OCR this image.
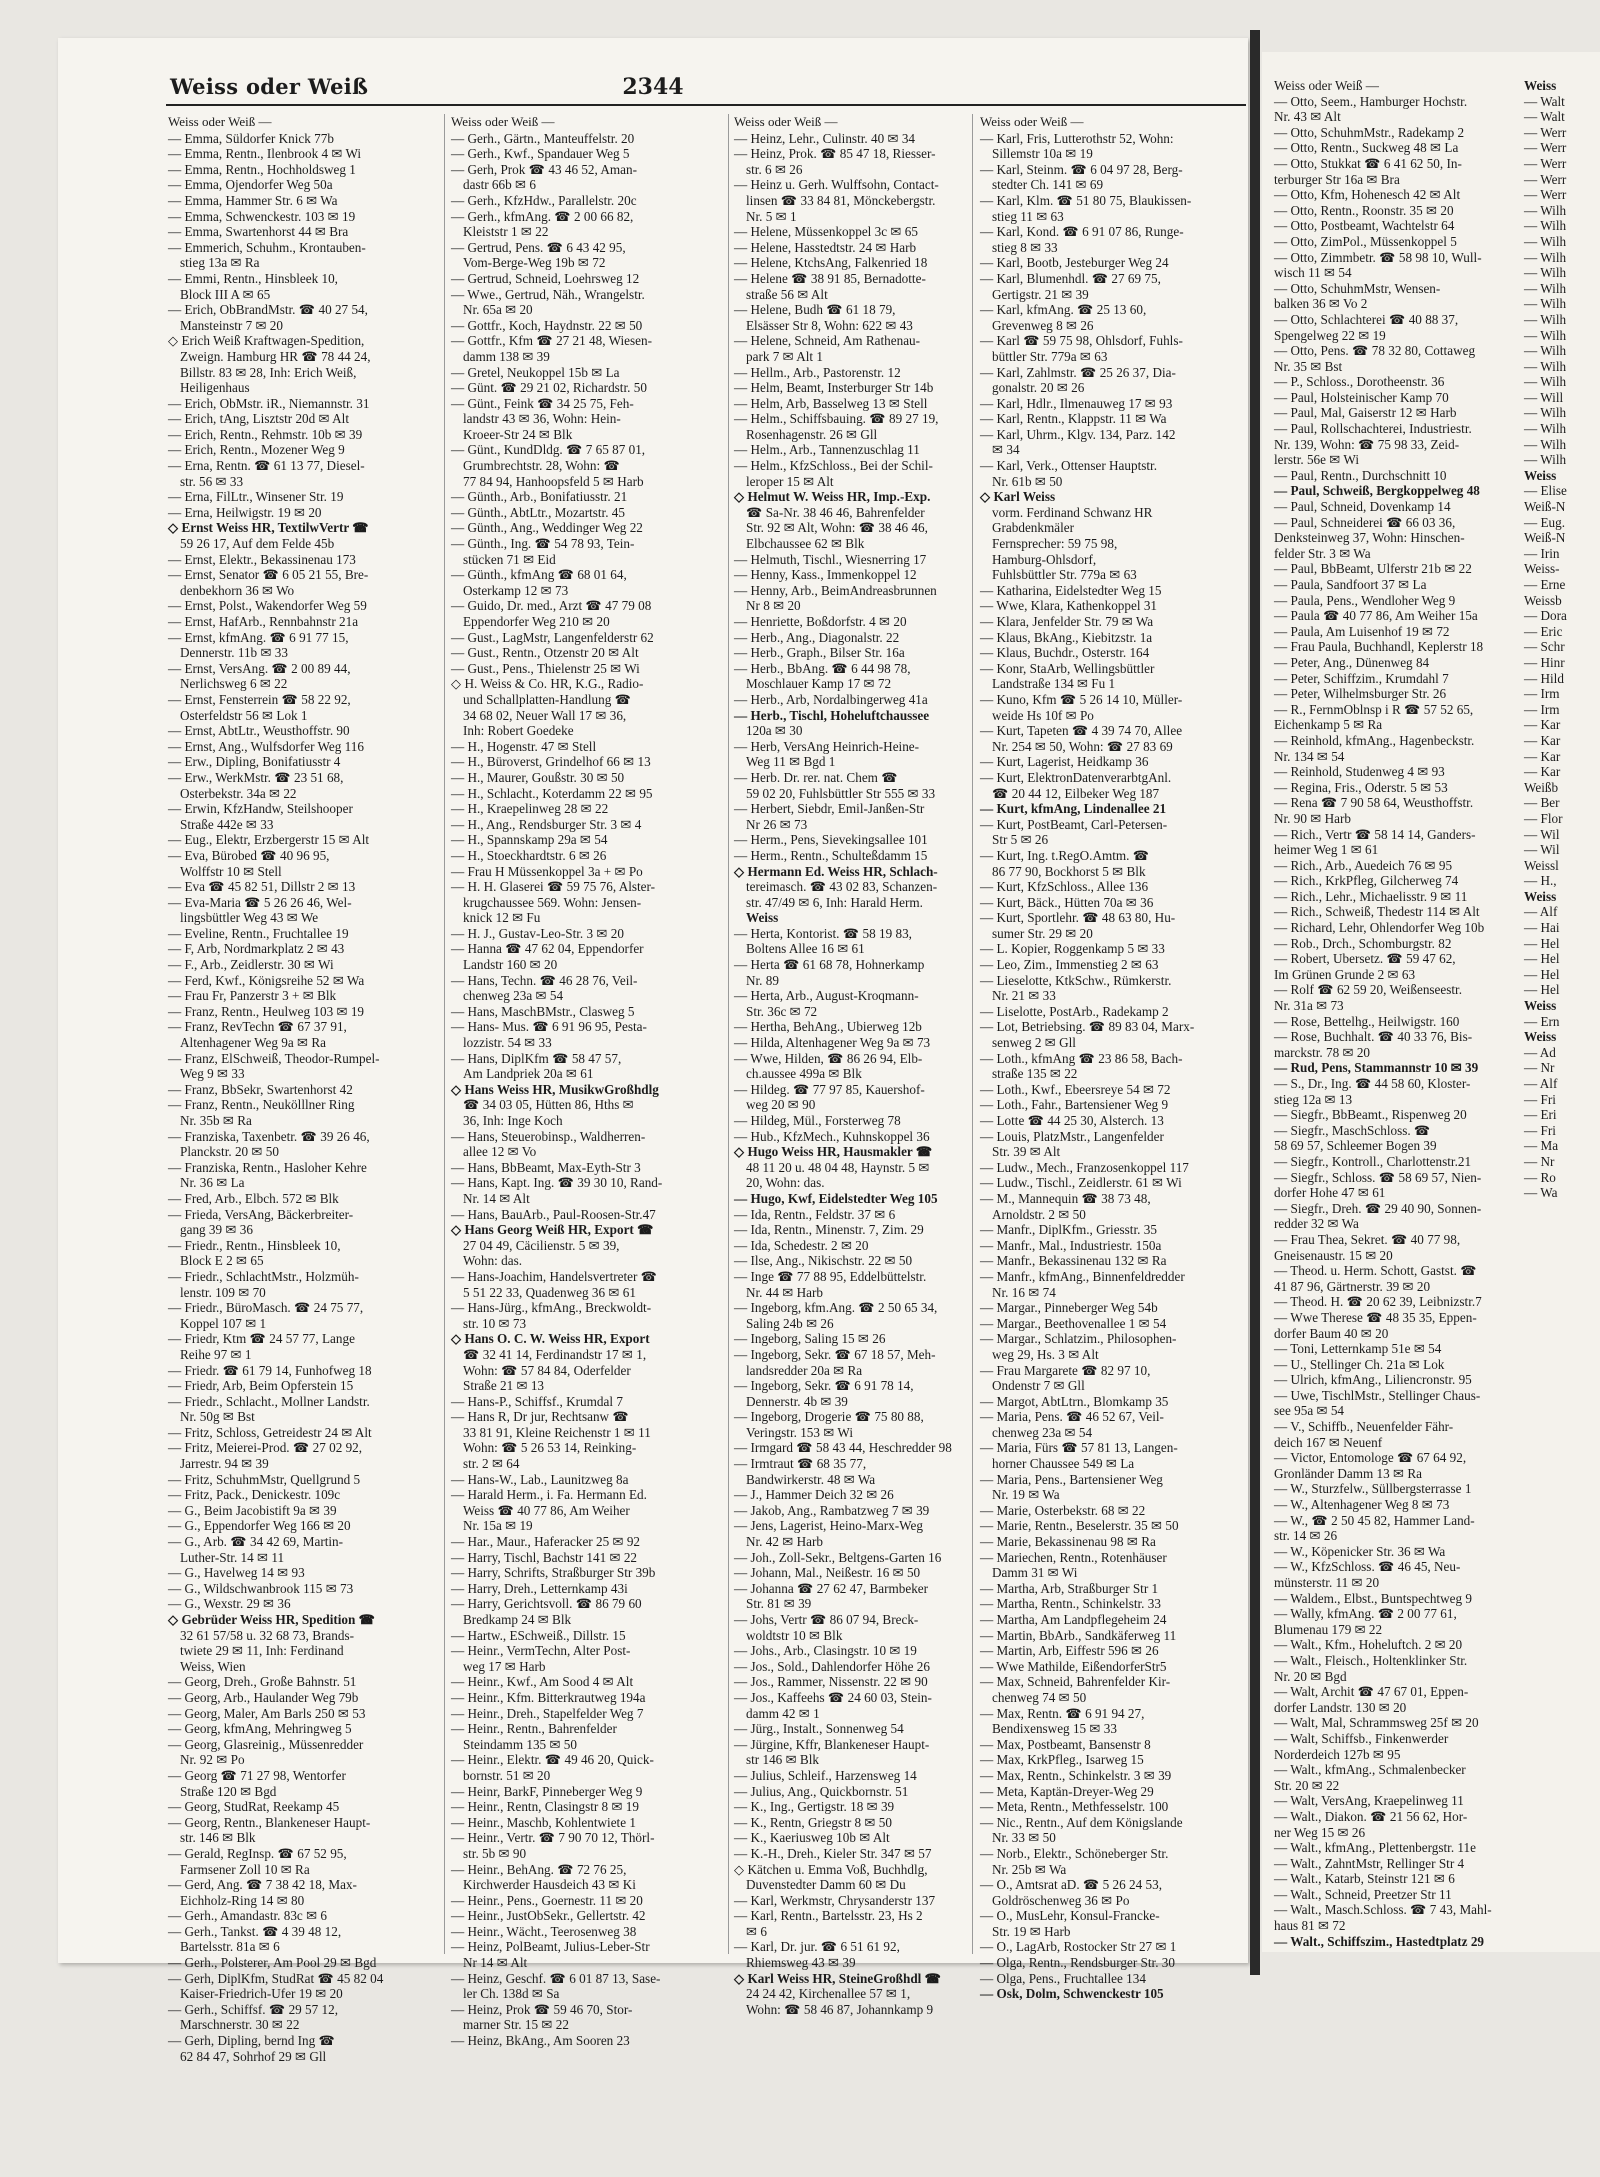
Weiss oder Weiß	2344
Weiss oder Weiß —
— Emma, Süldorfer Knick 77b
— Emma, Rentn., Ilenbrook 4 ✉ Wi
— Emma, Rentn., Hochholdsweg 1
— Emma, Ojendorfer Weg 50a
— Emma, Hammer Str. 6 ✉ Wa
— Emma, Schwenckestr. 103 ✉ 19
— Emma, Swartenhorst 44 ✉ Bra
— Emmerich, Schuhm., Krontauben-
stieg 13a ✉ Ra
— Emmi, Rentn., Hinsbleek 10,
Block III A ✉ 65
— Erich, ObBrandMstr. ☎ 40 27 54,
Mansteinstr 7 ✉ 20
◇ Erich Weiß Kraftwagen-Spedition,
Zweign. Hamburg HR ☎ 78 44 24,
Billstr. 83 ✉ 28, Inh: Erich Weiß,
Heiligenhaus
— Erich, ObMstr. iR., Niemannstr. 31
— Erich, tAng, Lisztstr 20d ✉ Alt
— Erich, Rentn., Rehmstr. 10b ✉ 39
— Erich, Rentn., Mozener Weg 9
— Erna, Rentn. ☎ 61 13 77, Diesel-
str. 56 ✉ 33
— Erna, FilLtr., Winsener Str. 19
— Erna, Heilwigstr. 19 ✉ 20
◇ Ernst Weiss HR, TextilwVertr ☎
59 26 17, Auf dem Felde 45b
— Ernst, Elektr., Bekassinenau 173
— Ernst, Senator ☎ 6 05 21 55, Bre-
denbekhorn 36 ✉ Wo
— Ernst, Polst., Wakendorfer Weg 59
— Ernst, HafArb., Rennbahnstr 21a
— Ernst, kfmAng. ☎ 6 91 77 15,
Dennerstr. 11b ✉ 33
— Ernst, VersAng. ☎ 2 00 89 44,
Nerlichsweg 6 ✉ 22
— Ernst, Fensterrein ☎ 58 22 92,
Osterfeldstr 56 ✉ Lok 1
— Ernst, AbtLtr., Weusthoffstr. 90
— Ernst, Ang., Wulfsdorfer Weg 116
— Erw., Dipling, Bonifatiusstr 4
— Erw., WerkMstr. ☎ 23 51 68,
Osterbekstr. 34a ✉ 22
— Erwin, KfzHandw, Steilshooper
Straße 442e ✉ 33
— Eug., Elektr, Erzbergerstr 15 ✉ Alt
— Eva, Bürobed ☎ 40 96 95,
Wolffstr 10 ✉ Stell
— Eva ☎ 45 82 51, Dillstr 2 ✉ 13
— Eva-Maria ☎ 5 26 26 46, Wel-
lingsbüttler Weg 43 ✉ We
— Eveline, Rentn., Fruchtallee 19
— F, Arb, Nordmarkplatz 2 ✉ 43
— F., Arb., Zeidlerstr. 30 ✉ Wi
— Ferd, Kwf., Königsreihe 52 ✉ Wa
— Frau Fr, Panzerstr 3 + ✉ Blk
— Franz, Rentn., Heulweg 103 ✉ 19
— Franz, RevTechn ☎ 67 37 91,
Altenhagener Weg 9a ✉ Ra
— Franz, ElSchweiß, Theodor-Rumpel-
Weg 9 ✉ 33
— Franz, BbSekr, Swartenhorst 42
— Franz, Rentn., Neukölllner Ring
Nr. 35b ✉ Ra
— Franziska, Taxenbetr. ☎ 39 26 46,
Planckstr. 20 ✉ 50
— Franziska, Rentn., Hasloher Kehre
Nr. 36 ✉ La
— Fred, Arb., Elbch. 572 ✉ Blk
— Frieda, VersAng, Bäckerbreiter-
gang 39 ✉ 36
— Friedr., Rentn., Hinsbleek 10,
Block E 2 ✉ 65
— Friedr., SchlachtMstr., Holzmüh-
lenstr. 109 ✉ 70
— Friedr., BüroMasch. ☎ 24 75 77,
Koppel 107 ✉ 1
— Friedr, Ktm ☎ 24 57 77, Lange
Reihe 97 ✉ 1
— Friedr. ☎ 61 79 14, Funhofweg 18
— Friedr, Arb, Beim Opferstein 15
— Friedr., Schlacht., Mollner Landstr.
Nr. 50g ✉ Bst
— Fritz, Schloss, Getreidestr 24 ✉ Alt
— Fritz, Meierei-Prod. ☎ 27 02 92,
Jarrestr. 94 ✉ 39
— Fritz, SchuhmMstr, Quellgrund 5
— Fritz, Pack., Denickestr. 109c
— G., Beim Jacobistift 9a ✉ 39
— G., Eppendorfer Weg 166 ✉ 20
— G., Arb. ☎ 34 42 69, Martin-
Luther-Str. 14 ✉ 11
— G., Havelweg 14 ✉ 93
— G., Wildschwanbrook 115 ✉ 73
— G., Wexstr. 29 ✉ 36
◇ Gebrüder Weiss HR, Spedition ☎
32 61 57/58 u. 32 68 73, Brands-
twiete 29 ✉ 11, Inh: Ferdinand
Weiss, Wien
— Georg, Dreh., Große Bahnstr. 51
— Georg, Arb., Haulander Weg 79b
— Georg, Maler, Am Barls 250 ✉ 53
— Georg, kfmAng, Mehringweg 5
— Georg, Glasreinig., Müssenredder
Nr. 92 ✉ Po
— Georg ☎ 71 27 98, Wentorfer
Straße 120 ✉ Bgd
— Georg, StudRat, Reekamp 45
— Georg, Rentn., Blankeneser Haupt-
str. 146 ✉ Blk
— Gerald, RegInsp. ☎ 67 52 95,
Farmsener Zoll 10 ✉ Ra
— Gerd, Ang. ☎ 7 38 42 18, Max-
Eichholz-Ring 14 ✉ 80
— Gerh., Amandastr. 83c ✉ 6
— Gerh., Tankst. ☎ 4 39 48 12,
Bartelsstr. 81a ✉ 6
— Gerh., Polsterer, Am Pool 29 ✉ Bgd
— Gerh, DiplKfm, StudRat ☎ 45 82 04
Kaiser-Friedrich-Ufer 19 ✉ 20
— Gerh., Schiffsf. ☎ 29 57 12,
Marschnerstr. 30 ✉ 22
— Gerh, Dipling, bernd Ing ☎
62 84 47, Sohrhof 29 ✉ Gll
Weiss oder Weiß —
— Gerh., Gärtn., Manteuffelstr. 20
— Gerh., Kwf., Spandauer Weg 5
— Gerh, Prok ☎ 43 46 52, Aman-
dastr 66b ✉ 6
— Gerh., KfzHdw., Parallelstr. 20c
— Gerh., kfmAng. ☎ 2 00 66 82,
Kleiststr 1 ✉ 22
— Gertrud, Pens. ☎ 6 43 42 95,
Vom-Berge-Weg 19b ✉ 72
— Gertrud, Schneid, Loehrsweg 12
— Wwe., Gertrud, Näh., Wrangelstr.
Nr. 65a ✉ 20
— Gottfr., Koch, Haydnstr. 22 ✉ 50
— Gottfr., Kfm ☎ 27 21 48, Wiesen-
damm 138 ✉ 39
— Gretel, Neukoppel 15b ✉ La
— Günt. ☎ 29 21 02, Richardstr. 50
— Günt., Feink ☎ 34 25 75, Feh-
landstr 43 ✉ 36, Wohn: Hein-
Kroeer-Str 24 ✉ Blk
— Günt., KundDldg. ☎ 7 65 87 01,
Grumbrechtstr. 28, Wohn: ☎
77 84 94, Hanhoopsfeld 5 ✉ Harb
— Günth., Arb., Bonifatiusstr. 21
— Günth., AbtLtr., Mozartstr. 45
— Günth., Ang., Weddinger Weg 22
— Günth., Ing. ☎ 54 78 93, Tein-
stücken 71 ✉ Eid
— Günth., kfmAng ☎ 68 01 64,
Osterkamp 12 ✉ 73
— Guido, Dr. med., Arzt ☎ 47 79 08
Eppendorfer Weg 210 ✉ 20
— Gust., LagMstr, Langenfelderstr 62
— Gust., Rentn., Otzenstr 20 ✉ Alt
— Gust., Pens., Thielenstr 25 ✉ Wi
◇ H. Weiss & Co. HR, K.G., Radio-
und Schallplatten-Handlung ☎
34 68 02, Neuer Wall 17 ✉ 36,
Inh: Robert Goedeke
— H., Hogenstr. 47 ✉ Stell
— H., Büroverst, Grindelhof 66 ✉ 13
— H., Maurer, Goußstr. 30 ✉ 50
— H., Schlacht., Koterdamm 22 ✉ 95
— H., Kraepelinweg 28 ✉ 22
— H., Ang., Rendsburger Str. 3 ✉ 4
— H., Spannskamp 29a ✉ 54
— H., Stoeckhardtstr. 6 ✉ 26
— Frau H Müssenkoppel 3a + ✉ Po
— H. H. Glaserei ☎ 59 75 76, Alster-
krugchaussee 569. Wohn: Jensen-
knick 12 ✉ Fu
— H. J., Gustav-Leo-Str. 3 ✉ 20
— Hanna ☎ 47 62 04, Eppendorfer
Landstr 160 ✉ 20
— Hans, Techn. ☎ 46 28 76, Veil-
chenweg 23a ✉ 54
— Hans, MaschBMstr., Clasweg 5
— Hans- Mus. ☎ 6 91 96 95, Pesta-
lozzistr. 54 ✉ 33
— Hans, DiplKfm ☎ 58 47 57,
Am Landpriek 20a ✉ 61
◇ Hans Weiss HR, MusikwGroßhdlg
☎ 34 03 05, Hütten 86, Hths ✉
36, Inh: Inge Koch
— Hans, Steuerobinsp., Waldherren-
allee 12 ✉ Vo
— Hans, BbBeamt, Max-Eyth-Str 3
— Hans, Kapt. Ing. ☎ 39 30 10, Rand-
Nr. 14 ✉ Alt
— Hans, BauArb., Paul-Roosen-Str.47
◇ Hans Georg Weiß HR, Export ☎
27 04 49, Cäcilienstr. 5 ✉ 39,
Wohn: das.
— Hans-Joachim, Handelsvertreter ☎
5 51 22 33, Quadenweg 36 ✉ 61
— Hans-Jürg., kfmAng., Breckwoldt-
str. 10 ✉ 73
◇ Hans O. C. W. Weiss HR, Export
☎ 32 41 14, Ferdinandstr 17 ✉ 1,
Wohn: ☎ 57 84 84, Oderfelder
Straße 21 ✉ 13
— Hans-P., Schiffsf., Krumdal 7
— Hans R, Dr jur, Rechtsanw ☎
33 81 91, Kleine Reichenstr 1 ✉ 11
Wohn: ☎ 5 26 53 14, Reinking-
str. 2 ✉ 64
— Hans-W., Lab., Launitzweg 8a
— Harald Herm., i. Fa. Hermann Ed.
Weiss ☎ 40 77 86, Am Weiher
Nr. 15a ✉ 19
— Har., Maur., Haferacker 25 ✉ 92
— Harry, Tischl, Bachstr 141 ✉ 22
— Harry, Schrifts, Straßburger Str 39b
— Harry, Dreh., Letternkamp 43i
— Harry, Gerichtsvoll. ☎ 86 79 60
Bredkamp 24 ✉ Blk
— Hartw., ESchweiß., Dillstr. 15
— Heinr., VermTechn, Alter Post-
weg 17 ✉ Harb
— Heinr., Kwf., Am Sood 4 ✉ Alt
— Heinr., Kfm. Bitterkrautweg 194a
— Heinr., Dreh., Stapelfelder Weg 7
— Heinr., Rentn., Bahrenfelder
Steindamm 135 ✉ 50
— Heinr., Elektr. ☎ 49 46 20, Quick-
bornstr. 51 ✉ 20
— Heinr, BarkF, Pinneberger Weg 9
— Heinr., Rentn, Clasingstr 8 ✉ 19
— Heinr., Maschb, Kohlentwiete 1
— Heinr., Vertr. ☎ 7 90 70 12, Thörl-
str. 5b ✉ 90
— Heinr., BehAng. ☎ 72 76 25,
Kirchwerder Hausdeich 43 ✉ Ki
— Heinr., Pens., Goernestr. 11 ✉ 20
— Heinr., JustObSekr., Gellertstr. 42
— Heinr., Wächt., Teerosenweg 38
— Heinz, PolBeamt, Julius-Leber-Str
Nr 14 ✉ Alt
— Heinz, Geschf. ☎ 6 01 87 13, Sase-
ler Ch. 138d ✉ Sa
— Heinz, Prok ☎ 59 46 70, Stor-
marner Str. 15 ✉ 22
— Heinz, BkAng., Am Sooren 23
Weiss oder Weiß —
— Heinz, Lehr., Culinstr. 40 ✉ 34
— Heinz, Prok. ☎ 85 47 18, Riesser-
str. 6 ✉ 26
— Heinz u. Gerh. Wulffsohn, Contact-
linsen ☎ 33 84 81, Mönckebergstr.
Nr. 5 ✉ 1
— Helene, Müssenkoppel 3c ✉ 65
— Helene, Hasstedtstr. 24 ✉ Harb
— Helene, KtchsAng, Falkenried 18
— Helene ☎ 38 91 85, Bernadotte-
straße 56 ✉ Alt
— Helene, Budh ☎ 61 18 79,
Elsässer Str 8, Wohn: 622 ✉ 43
— Helene, Schneid, Am Rathenau-
park 7 ✉ Alt 1
— Hellm., Arb., Pastorenstr. 12
— Helm, Beamt, Insterburger Str 14b
— Helm, Arb, Basselweg 13 ✉ Stell
— Helm., Schiffsbauing. ☎ 89 27 19,
Rosenhagenstr. 26 ✉ Gll
— Helm., Arb., Tannenzuschlag 11
— Helm., KfzSchloss., Bei der Schil-
leroper 15 ✉ Alt
◇ Helmut W. Weiss HR, Imp.-Exp.
☎ Sa-Nr. 38 46 46, Bahrenfelder
Str. 92 ✉ Alt, Wohn: ☎ 38 46 46,
Elbchaussee 62 ✉ Blk
— Helmuth, Tischl., Wiesnerring 17
— Henny, Kass., Immenkoppel 12
— Henny, Arb., BeimAndreasbrunnen
Nr 8 ✉ 20
— Henriette, Boßdorfstr. 4 ✉ 20
— Herb., Ang., Diagonalstr. 22
— Herb., Graph., Bilser Str. 16a
— Herb., BbAng. ☎ 6 44 98 78,
Moschlauer Kamp 17 ✉ 72
— Herb., Arb, Nordalbingerweg 41a
— Herb., Tischl, Hoheluftchaussee
120a ✉ 30
— Herb, VersAng Heinrich-Heine-
Weg 11 ✉ Bgd 1
— Herb. Dr. rer. nat. Chem ☎
59 02 20, Fuhlsbüttler Str 555 ✉ 33
— Herbert, Siebdr, Emil-Janßen-Str
Nr 26 ✉ 73
— Herm., Pens, Sievekingsallee 101
— Herm., Rentn., Schulteßdamm 15
◇ Hermann Ed. Weiss HR, Schlach-
tereimasch. ☎ 43 02 83, Schanzen-
str. 47/49 ✉ 6, Inh: Harald Herm.
Weiss
— Herta, Kontorist. ☎ 58 19 83,
Boltens Allee 16 ✉ 61
— Herta ☎ 61 68 78, Hohnerkamp
Nr. 89
— Herta, Arb., August-Kroqmann-
Str. 36c ✉ 72
— Hertha, BehAng., Ubierweg 12b
— Hilda, Altenhagener Weg 9a ✉ 73
— Wwe, Hilden, ☎ 86 26 94, Elb-
ch.aussee 499a ✉ Blk
— Hildeg. ☎ 77 97 85, Kauershof-
weg 20 ✉ 90
— Hildeg, Mül., Forsterweg 78
— Hub., KfzMech., Kuhnskoppel 36
◇ Hugo Weiss HR, Hausmakler ☎
48 11 20 u. 48 04 48, Haynstr. 5 ✉
20, Wohn: das.
— Hugo, Kwf, Eidelstedter Weg 105
— Ida, Rentn., Feldstr. 37 ✉ 6
— Ida, Rentn., Minenstr. 7, Zim. 29
— Ida, Schedestr. 2 ✉ 20
— Ilse, Ang., Nikischstr. 22 ✉ 50
— Inge ☎ 77 88 95, Eddelbüttelstr.
Nr. 44 ✉ Harb
— Ingeborg, kfm.Ang. ☎ 2 50 65 34,
Saling 24b ✉ 26
— Ingeborg, Saling 15 ✉ 26
— Ingeborg, Sekr. ☎ 67 18 57, Meh-
landsredder 20a ✉ Ra
— Ingeborg, Sekr. ☎ 6 91 78 14,
Dennerstr. 4b ✉ 39
— Ingeborg, Drogerie ☎ 75 80 88,
Veringstr. 153 ✉ Wi
— Irmgard ☎ 58 43 44, Heschredder 98
— Irmtraut ☎ 68 35 77,
Bandwirkerstr. 48 ✉ Wa
— J., Hammer Deich 32 ✉ 26
— Jakob, Ang., Rambatzweg 7 ✉ 39
— Jens, Lagerist, Heino-Marx-Weg
Nr. 42 ✉ Harb
— Joh., Zoll-Sekr., Beltgens-Garten 16
— Johann, Mal., Neißestr. 16 ✉ 50
— Johanna ☎ 27 62 47, Barmbeker
Str. 81 ✉ 39
— Johs, Vertr ☎ 86 07 94, Breck-
woldtstr 10 ✉ Blk
— Johs., Arb., Clasingstr. 10 ✉ 19
— Jos., Sold., Dahlendorfer Höhe 26
— Jos., Rammer, Nissenstr. 22 ✉ 90
— Jos., Kaffeehs ☎ 24 60 03, Stein-
damm 42 ✉ 1
— Jürg., Instalt., Sonnenweg 54
— Jürgine, Kffr, Blankeneser Haupt-
str 146 ✉ Blk
— Julius, Schleif., Harzensweg 14
— Julius, Ang., Quickbornstr. 51
— K., Ing., Gertigstr. 18 ✉ 39
— K., Rentn, Griegstr 8 ✉ 50
— K., Kaeriusweg 10b ✉ Alt
— K.-H., Dreh., Kieler Str. 347 ✉ 57
◇ Kätchen u. Emma Voß, Buchhdlg,
Duvenstedter Damm 60 ✉ Du
— Karl, Werkmstr, Chrysanderstr 137
— Karl, Rentn., Bartelsstr. 23, Hs 2
✉ 6
— Karl, Dr. jur. ☎ 6 51 61 92,
Rhiemsweg 43 ✉ 39
◇ Karl Weiss HR, SteineGroßhdl ☎
24 24 42, Kirchenallee 57 ✉ 1,
Wohn: ☎ 58 46 87, Johannkamp 9
Weiss oder Weiß —
— Karl, Fris, Lutterothstr 52, Wohn:
Sillemstr 10a ✉ 19
— Karl, Steinm. ☎ 6 04 97 28, Berg-
stedter Ch. 141 ✉ 69
— Karl, Klm. ☎ 51 80 75, Blaukissen-
stieg 11 ✉ 63
— Karl, Kond. ☎ 6 91 07 86, Runge-
stieg 8 ✉ 33
— Karl, Bootb, Jesteburger Weg 24
— Karl, Blumenhdl. ☎ 27 69 75,
Gertigstr. 21 ✉ 39
— Karl, kfmAng. ☎ 25 13 60,
Grevenweg 8 ✉ 26
— Karl ☎ 59 75 98, Ohlsdorf, Fuhls-
büttler Str. 779a ✉ 63
— Karl, Zahlmstr. ☎ 25 26 37, Dia-
gonalstr. 20 ✉ 26
— Karl, Hdlr., Ilmenauweg 17 ✉ 93
— Karl, Rentn., Klappstr. 11 ✉ Wa
— Karl, Uhrm., Klgv. 134, Parz. 142
✉ 34
— Karl, Verk., Ottenser Hauptstr.
Nr. 61b ✉ 50
◇ Karl Weiss
vorm. Ferdinand Schwanz HR
Grabdenkmäler
Fernsprecher: 59 75 98,
Hamburg-Ohlsdorf,
Fuhlsbüttler Str. 779a ✉ 63
— Katharina, Eidelstedter Weg 15
— Wwe, Klara, Kathenkoppel 31
— Klara, Jenfelder Str. 79 ✉ Wa
— Klaus, BkAng., Kiebitzstr. 1a
— Klaus, Buchdr., Osterstr. 164
— Konr, StaArb, Wellingsbüttler
Landstraße 134 ✉ Fu 1
— Kuno, Kfm ☎ 5 26 14 10, Müller-
weide Hs 10f ✉ Po
— Kurt, Tapeten ☎ 4 39 74 70, Allee
Nr. 254 ✉ 50, Wohn: ☎ 27 83 69
— Kurt, Lagerist, Heidkamp 36
— Kurt, ElektronDatenverarbtgAnl.
☎ 20 44 12, Eilbeker Weg 187
— Kurt, kfmAng, Lindenallee 21
— Kurt, PostBeamt, Carl-Petersen-
Str 5 ✉ 26
— Kurt, Ing. t.RegO.Amtm. ☎
86 77 90, Bockhorst 5 ✉ Blk
— Kurt, KfzSchloss., Allee 136
— Kurt, Bäck., Hütten 70a ✉ 36
— Kurt, Sportlehr. ☎ 48 63 80, Hu-
sumer Str. 29 ✉ 20
— L. Kopier, Roggenkamp 5 ✉ 33
— Leo, Zim., Immenstieg 2 ✉ 63
— Lieselotte, KtkSchw., Rümkerstr.
Nr. 21 ✉ 33
— Liselotte, PostArb., Radekamp 2
— Lot, Betriebsing. ☎ 89 83 04, Marx-
senweg 2 ✉ Gll
— Loth., kfmAng ☎ 23 86 58, Bach-
straße 135 ✉ 22
— Loth., Kwf., Ebeersreye 54 ✉ 72
— Loth., Fahr., Bartensiener Weg 9
— Lotte ☎ 44 25 30, Alsterch. 13
— Louis, PlatzMstr., Langenfelder
Str. 39 ✉ Alt
— Ludw., Mech., Franzosenkoppel 117
— Ludw., Tischl., Zeidlerstr. 61 ✉ Wi
— M., Mannequin ☎ 38 73 48,
Arnoldstr. 2 ✉ 50
— Manfr., DiplKfm., Griesstr. 35
— Manfr., Mal., Industriestr. 150a
— Manfr., Bekassinenau 132 ✉ Ra
— Manfr., kfmAng., Binnenfeldredder
Nr. 16 ✉ 74
— Margar., Pinneberger Weg 54b
— Margar., Beethovenallee 1 ✉ 54
— Margar., Schlatzim., Philosophen-
weg 29, Hs. 3 ✉ Alt
— Frau Margarete ☎ 82 97 10,
Ondenstr 7 ✉ Gll
— Margot, AbtLtrn., Blomkamp 35
— Maria, Pens. ☎ 46 52 67, Veil-
chenweg 23a ✉ 54
— Maria, Fürs ☎ 57 81 13, Langen-
horner Chaussee 549 ✉ La
— Maria, Pens., Bartensiener Weg
Nr. 19 ✉ Wa
— Marie, Osterbekstr. 68 ✉ 22
— Marie, Rentn., Beselerstr. 35 ✉ 50
— Marie, Bekassinenau 98 ✉ Ra
— Mariechen, Rentn., Rotenhäuser
Damm 31 ✉ Wi
— Martha, Arb, Straßburger Str 1
— Martha, Rentn., Schinkelstr. 33
— Martha, Am Landpflegeheim 24
— Martin, BbArb., Sandkäferweg 11
— Martin, Arb, Eiffestr 596 ✉ 26
— Wwe Mathilde, EißendorferStr5
— Max, Schneid, Bahrenfelder Kir-
chenweg 74 ✉ 50
— Max, Rentn. ☎ 6 91 94 27,
Bendixensweg 15 ✉ 33
— Max, Postbeamt, Bansenstr 8
— Max, KrkPfleg., Isarweg 15
— Max, Rentn., Schinkelstr. 3 ✉ 39
— Meta, Kaptän-Dreyer-Weg 29
— Meta, Rentn., Methfesselstr. 100
— Nic., Rentn., Auf dem Königslande
Nr. 33 ✉ 50
— Norb., Elektr., Schöneberger Str.
Nr. 25b ✉ Wa
— O., Amtsrat aD. ☎ 5 26 24 53,
Goldröschenweg 36 ✉ Po
— O., MusLehr, Konsul-Francke-
Str. 19 ✉ Harb
— O., LagArb, Rostocker Str 27 ✉ 1
— Olga, Rentn., Rendsburger Str. 30
— Olga, Pens., Fruchtallee 134
— Osk, Dolm, Schwenckestr 105
Weiss oder Weiß —
— Otto, Seem., Hamburger Hochstr.
Nr. 43 ✉ Alt
— Otto, SchuhmMstr., Radekamp 2
— Otto, Rentn., Suckweg 48 ✉ La
— Otto, Stukkat ☎ 6 41 62 50, In-
terburger Str 16a ✉ Bra
— Otto, Kfm, Hohenesch 42 ✉ Alt
— Otto, Rentn., Roonstr. 35 ✉ 20
— Otto, Postbeamt, Wachtelstr 64
— Otto, ZimPol., Müssenkoppel 5
— Otto, Zimmbetr. ☎ 58 98 10, Wull-
wisch 11 ✉ 54
— Otto, SchuhmMstr, Wensen-
balken 36 ✉ Vo 2
— Otto, Schlachterei ☎ 40 88 37,
Spengelweg 22 ✉ 19
— Otto, Pens. ☎ 78 32 80, Cottaweg
Nr. 35 ✉ Bst
— P., Schloss., Dorotheenstr. 36
— Paul, Holsteinischer Kamp 70
— Paul, Mal, Gaiserstr 12 ✉ Harb
— Paul, Rollschachterei, Industriestr.
Nr. 139, Wohn: ☎ 75 98 33, Zeid-
lerstr. 56e ✉ Wi
— Paul, Rentn., Durchschnitt 10
— Paul, Schweiß, Bergkoppelweg 48
— Paul, Schneid, Dovenkamp 14
— Paul, Schneiderei ☎ 66 03 36,
Denksteinweg 37, Wohn: Hinschen-
felder Str. 3 ✉ Wa
— Paul, BbBeamt, Ulferstr 21b ✉ 22
— Paula, Sandfoort 37 ✉ La
— Paula, Pens., Wendloher Weg 9
— Paula ☎ 40 77 86, Am Weiher 15a
— Paula, Am Luisenhof 19 ✉ 72
— Frau Paula, Buchhandl, Keplerstr 18
— Peter, Ang., Dünenweg 84
— Peter, Schiffzim., Krumdahl 7
— Peter, Wilhelmsburger Str. 26
— R., FernmOblnsp i R ☎ 57 52 65,
Eichenkamp 5 ✉ Ra
— Reinhold, kfmAng., Hagenbeckstr.
Nr. 134 ✉ 54
— Reinhold, Studenweg 4 ✉ 93
— Regina, Fris., Oderstr. 5 ✉ 53
— Rena ☎ 7 90 58 64, Weusthoffstr.
Nr. 90 ✉ Harb
— Rich., Vertr ☎ 58 14 14, Ganders-
heimer Weg 1 ✉ 61
— Rich., Arb., Auedeich 76 ✉ 95
— Rich., KrkPfleg, Gilcherweg 74
— Rich., Lehr., Michaelisstr. 9 ✉ 11
— Rich., Schweiß, Thedestr 114 ✉ Alt
— Richard, Lehr, Ohlendorfer Weg 10b
— Rob., Drch., Schomburgstr. 82
— Robert, Ubersetz. ☎ 59 47 62,
Im Grünen Grunde 2 ✉ 63
— Rolf ☎ 62 59 20, Weißenseestr.
Nr. 31a ✉ 73
— Rose, Bettelhg., Heilwigstr. 160
— Rose, Buchhalt. ☎ 40 33 76, Bis-
marckstr. 78 ✉ 20
— Rud, Pens, Stammannstr 10 ✉ 39
— S., Dr., Ing. ☎ 44 58 60, Kloster-
stieg 12a ✉ 13
— Siegfr., BbBeamt., Rispenweg 20
— Siegfr., MaschSchloss. ☎
58 69 57, Schleemer Bogen 39
— Siegfr., Kontroll., Charlottenstr.21
— Siegfr., Schloss. ☎ 58 69 57, Nien-
dorfer Hohe 47 ✉ 61
— Siegfr., Dreh. ☎ 29 40 90, Sonnen-
redder 32 ✉ Wa
— Frau Thea, Sekret. ☎ 40 77 98,
Gneisenaustr. 15 ✉ 20
— Theod. u. Herm. Schott, Gastst. ☎
41 87 96, Gärtnerstr. 39 ✉ 20
— Theod. H. ☎ 20 62 39, Leibnizstr.7
— Wwe Therese ☎ 48 35 35, Eppen-
dorfer Baum 40 ✉ 20
— Toni, Letternkamp 51e ✉ 54
— U., Stellinger Ch. 21a ✉ Lok
— Ulrich, kfmAng., Liliencronstr. 95
— Uwe, TischlMstr., Stellinger Chaus-
see 95a ✉ 54
— V., Schiffb., Neuenfelder Fähr-
deich 167 ✉ Neuenf
— Victor, Entomologe ☎ 67 64 92,
Gronländer Damm 13 ✉ Ra
— W., Sturzfelw., Süllbergsterrasse 1
— W., Altenhagener Weg 8 ✉ 73
— W., ☎ 2 50 45 82, Hammer Land-
str. 14 ✉ 26
— W., Köpenicker Str. 36 ✉ Wa
— W., KfzSchloss. ☎ 46 45, Neu-
münsterstr. 11 ✉ 20
— Waldem., Elbst., Buntspechtweg 9
— Wally, kfmAng. ☎ 2 00 77 61,
Blumenau 179 ✉ 22
— Walt., Kfm., Hoheluftch. 2 ✉ 20
— Walt., Fleisch., Holtenklinker Str.
Nr. 20 ✉ Bgd
— Walt, Archit ☎ 47 67 01, Eppen-
dorfer Landstr. 130 ✉ 20
— Walt, Mal, Schrammsweg 25f ✉ 20
— Walt, Schiffsb., Finkenwerder
Norderdeich 127b ✉ 95
— Walt., kfmAng., Schmalenbecker
Str. 20 ✉ 22
— Walt, VersAng, Kraepelinweg 11
— Walt., Diakon. ☎ 21 56 62, Hor-
ner Weg 15 ✉ 26
— Walt., kfmAng., Plettenbergstr. 11e
— Walt., ZahntMstr, Rellinger Str 4
— Walt., Katarb, Steinstr 121 ✉ 6
— Walt., Schneid, Preetzer Str 11
— Walt., Masch.Schloss. ☎ 7 43, Mahl-
haus 81 ✉ 72
— Walt., Schiffszim., Hastedtplatz 29
Weiss
— Walt
— Walt
— Werr
— Werr
— Werr
— Werr
— Werr
— Wilh
— Wilh
— Wilh
— Wilh
— Wilh
— Wilh
— Wilh
— Wilh
— Wilh
— Wilh
— Wilh
— Wilh
— Will
— Wilh
— Wilh
— Wilh
— Wilh
Weiss
— Elise
Weiß-N
— Eug.
Weiß-N
— Irin
Weiss-
— Erne
Weissb
— Dora
— Eric
— Schr
— Hinr
— Hild
— Irm
— Irm
— Kar
— Kar
— Kar
— Kar
Weißb
— Ber
— Flor
— Wil
— Wil
Weissl
— H.,
Weiss
— Alf
— Hai
— Hel
— Hel
— Hel
— Hel
Weiss
— Ern
Weiss
— Ad
— Nr
— Alf
— Fri
— Eri
— Fri
— Ma
— Nr
— Ro
— Wa
